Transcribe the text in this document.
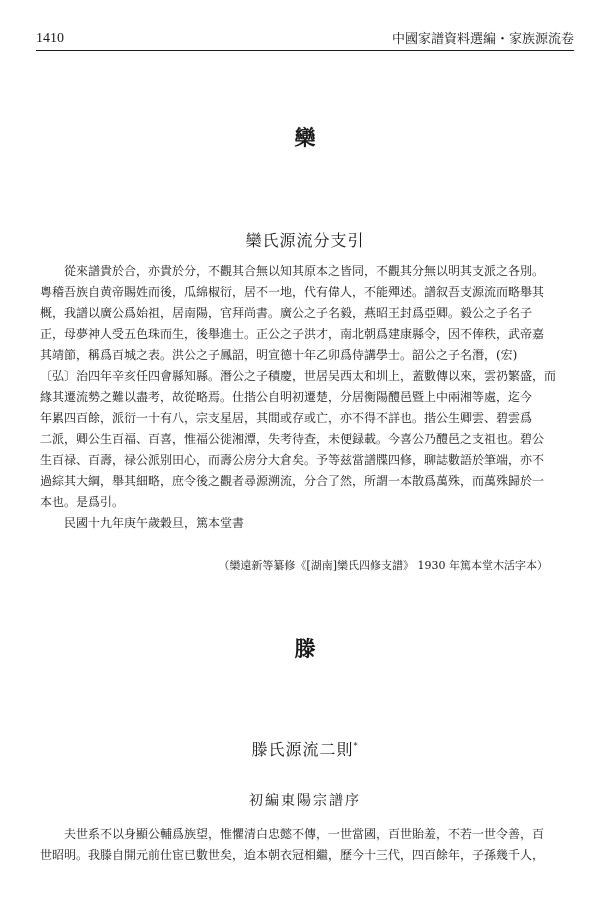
1410	中國家譜資料選編・家族源流卷
欒
欒氏源流分支引
從來譜貴於合，亦貴於分，不觀其合無以知其原本之皆同，不觀其分無以明其支派之各別。
粵稽吾族自黄帝賜姓而後，瓜綿椒衍，居不一地，代有偉人，不能殫述。譜叙吾支源流而略舉其
概，我譜以廣公爲始祖，居南陽，官拜尚書。廣公之子名毅，燕昭王封爲亞卿。毅公之子名子
正，母夢神人受五色珠而生，後舉進士。正公之子洪才，南北朝爲建康縣令，因不俸秩，武帝嘉
其靖節，稱爲百城之表。洪公之子鳳韶，明宣德十年乙卯爲侍講學士。韶公之子名潛，(宏)
〔弘〕治四年辛亥任四會縣知縣。潛公之子積慶，世居吴西太和圳上，蓋數傳以來，雲礽繁盛，而
緣其遷流勢之難以盡考，故從略焉。仕揩公自明初遷楚，分居衡陽醴邑暨上中兩湘等處，迄今
年累四百餘，派衍一十有八，宗支星居，其間或存或亡，亦不得不詳也。揩公生卿雲、碧雲爲
二派，卿公生百福、百喜，惟福公徙湘潭，失考待查，未便録載。今喜公乃醴邑之支祖也。碧公
生百禄、百壽，禄公派别田心，而壽公房分大倉矣。予等兹當譜牒四修，聊誌數語於筆端，亦不
過綜其大綱，舉其細略，庶令後之觀者尋源溯流，分合了然，所謂一本散爲萬殊，而萬殊歸於一
本也。是爲引。
民國十九年庚午歲穀旦，篤本堂書
（欒遠新等纂修《[湖南]欒氏四修支譜》 1930 年篤本堂木活字本）
滕
滕氏源流二則*
初編東陽宗譜序
夫世系不以身顯公輔爲族望，惟懼清白忠懿不傳，一世當國，百世貽羞，不若一世令善，百
世昭明。我滕自開元前仕宦已數世矣，迨本朝衣冠相繼，歷今十三代，四百餘年，子孫幾千人，
